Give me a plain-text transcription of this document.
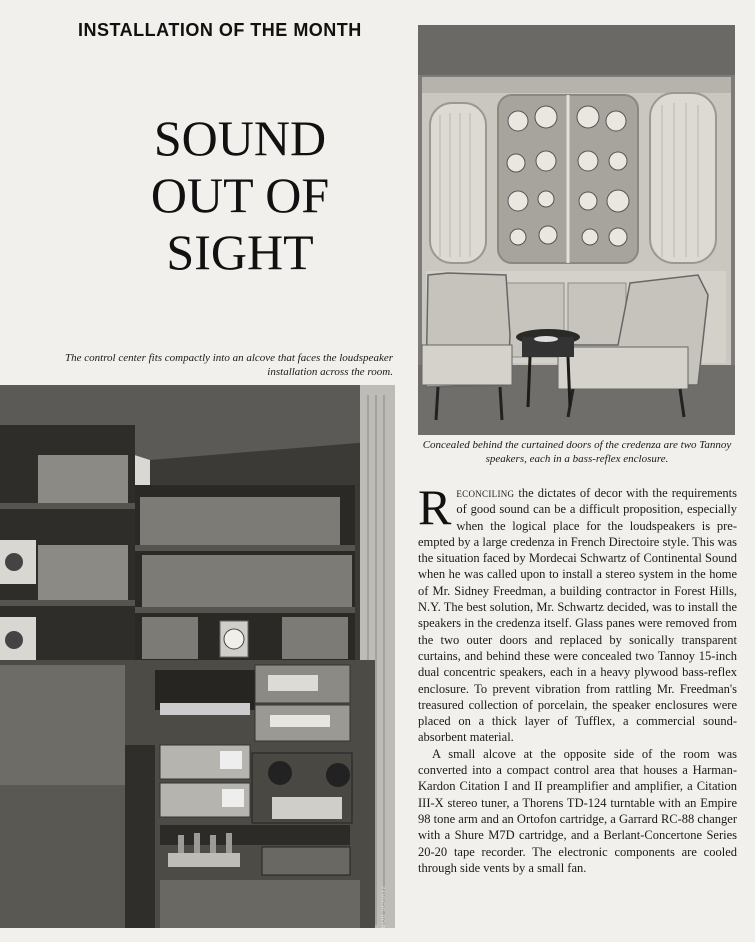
INSTALLATION OF THE MONTH
SOUND
OUT OF
SIGHT
The control center fits compactly into an alcove that faces the loudspeaker installation across the room.
BOB SCHATZ
Concealed behind the curtained doors of the credenza are two Tannoy speakers, each in a bass-reflex enclosure.

Reconciling the dictates of decor with the requirements of good sound can be a difficult proposition, especially when the logical place for the loudspeakers is pre-empted by a large credenza in French Directoire style. This was the situation faced by Mordecai Schwartz of Continental Sound when he was called upon to install a stereo system in the home of Mr. Sidney Freedman, a building contractor in Forest Hills, N.Y. The best solution, Mr. Schwartz decided, was to install the speakers in the credenza itself. Glass panes were removed from the two outer doors and replaced by sonically transparent curtains, and behind these were concealed two Tannoy 15-inch dual concentric speakers, each in a heavy plywood bass-reflex enclosure. To prevent vibration from rattling Mr. Freedman's treasured collection of porcelain, the speaker enclosures were placed on a thick layer of Tufflex, a commercial sound-absorbent material.

A small alcove at the opposite side of the room was converted into a compact control area that houses a Harman-Kardon Citation I and II preamplifier and amplifier, a Citation III-X stereo tuner, a Thorens TD-124 turntable with an Empire 98 tone arm and an Ortofon cartridge, a Garrard RC-88 changer with a Shure M7D cartridge, and a Berlant-Concertone Series 20-20 tape recorder. The electronic components are cooled through side vents by a small fan.
